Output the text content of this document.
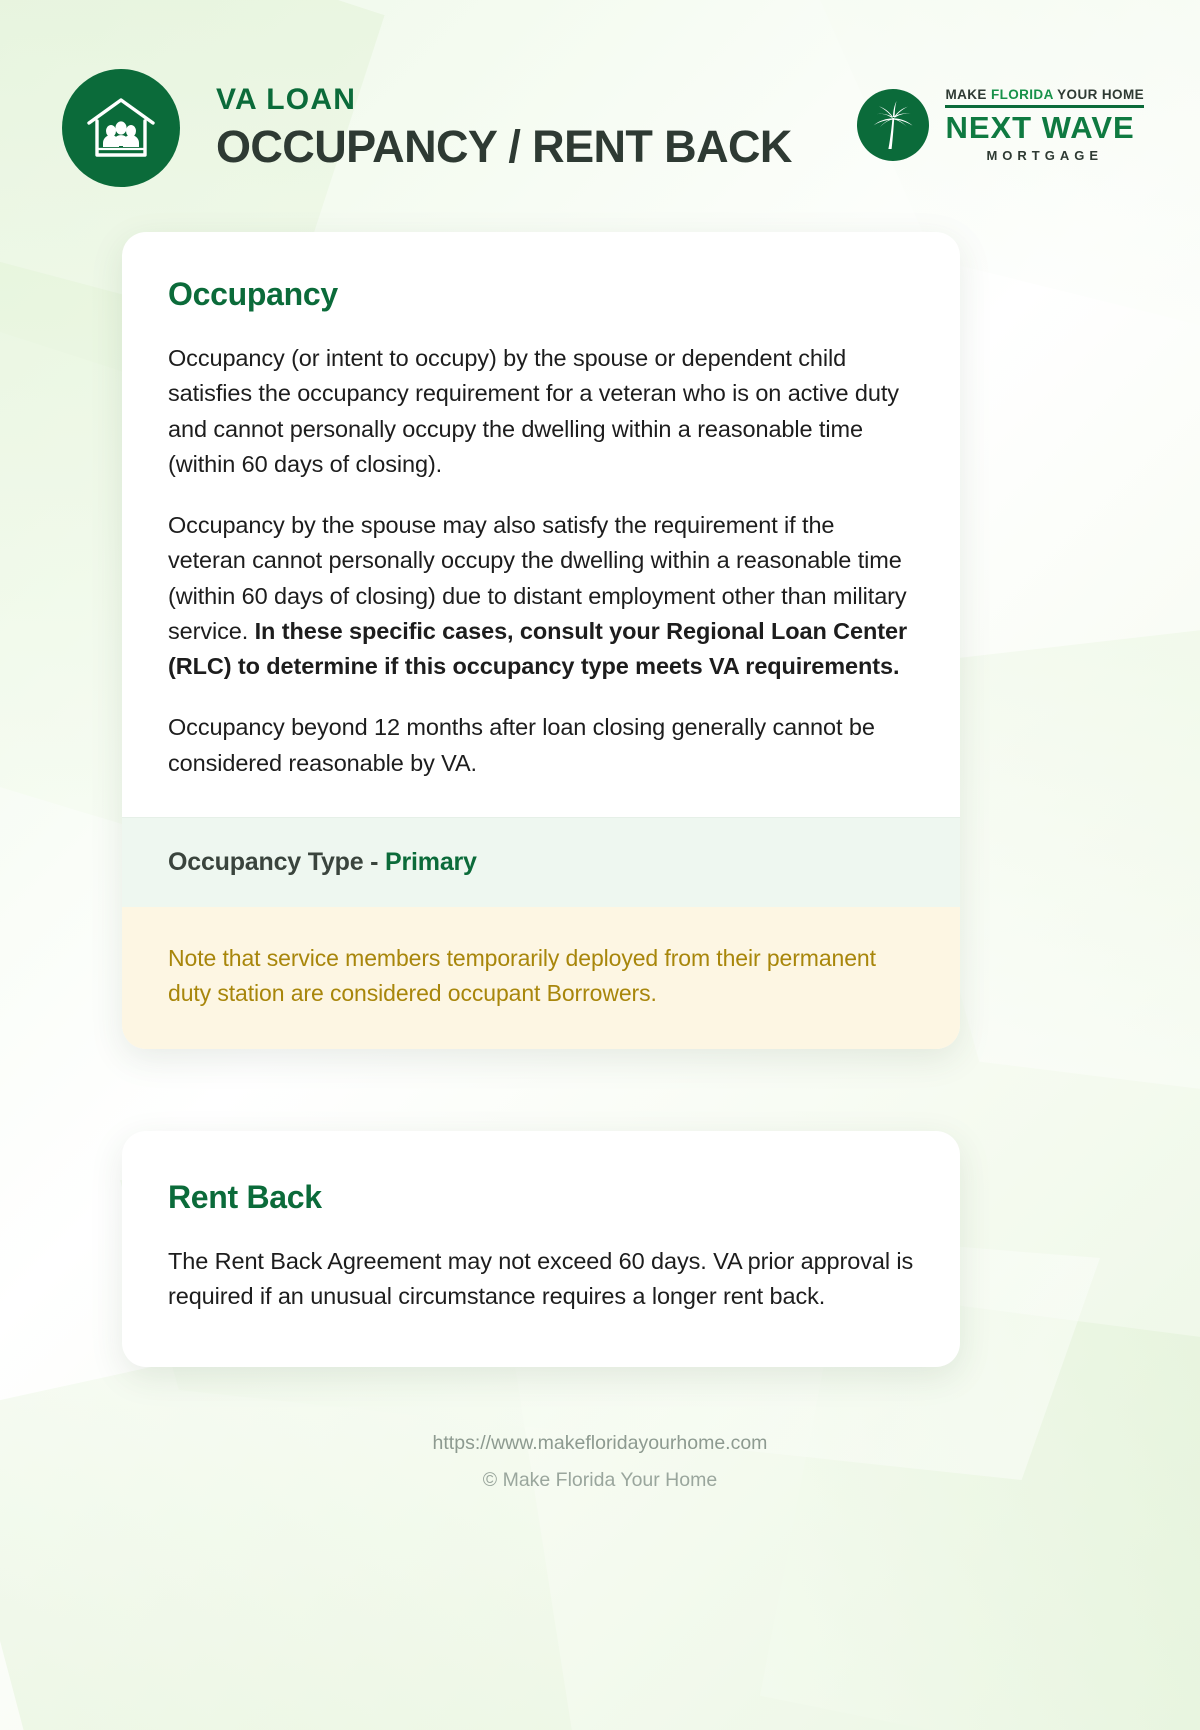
VA LOAN
OCCUPANCY / RENT BACK
MAKE FLORIDA YOUR HOME
NEXT WAVE
MORTGAGE
Occupancy

Occupancy (or intent to occupy) by the spouse or dependent child satisfies the occupancy requirement for a veteran who is on active duty and cannot personally occupy the dwelling within a reasonable time (within 60 days of closing).

Occupancy by the spouse may also satisfy the requirement if the veteran cannot personally occupy the dwelling within a reasonable time (within 60 days of closing) due to distant employment other than military service. In these specific cases, consult your Regional Loan Center (RLC) to determine if this occupancy type meets VA requirements.

Occupancy beyond 12 months after loan closing generally cannot be considered reasonable by VA.

Occupancy Type - Primary

Note that service members temporarily deployed from their permanent duty station are considered occupant Borrowers.

Rent Back

The Rent Back Agreement may not exceed 60 days. VA prior approval is required if an unusual circumstance requires a longer rent back.

https://www.makefloridayourhome.com
© Make Florida Your Home
